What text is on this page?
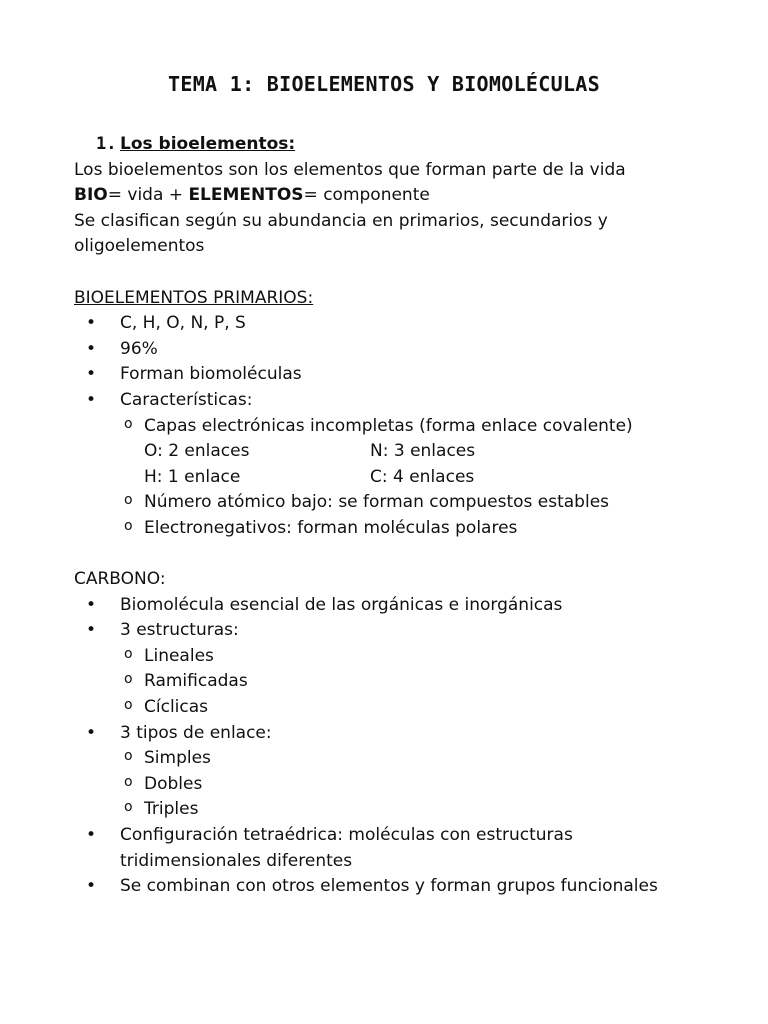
TEMA 1: BIOELEMENTOS Y BIOMOLÉCULAS
1. Los bioelementos:

Los bioelementos son los elementos que forman parte de la vida

BIO= vida + ELEMENTOS= componente

Se clasifican según su abundancia en primarios, secundarios y

oligoelementos

BIOELEMENTOS PRIMARIOS:

• C, H, O, N, P, S
• 96%
• Forman biomoléculas
• Características:
o Capas electrónicas incompletas (forma enlace covalente)
O: 2 enlaces	N: 3 enlaces
H: 1 enlace	C: 4 enlaces
o Número atómico bajo: se forman compuestos estables
o Electronegativos: forman moléculas polares

CARBONO:

• Biomolécula esencial de las orgánicas e inorgánicas
• 3 estructuras:
o Lineales
o Ramificadas
o Cíclicas
• 3 tipos de enlace:
o Simples
o Dobles
o Triples
• Configuración tetraédrica: moléculas con estructuras
tridimensionales diferentes
• Se combinan con otros elementos y forman grupos funcionales
